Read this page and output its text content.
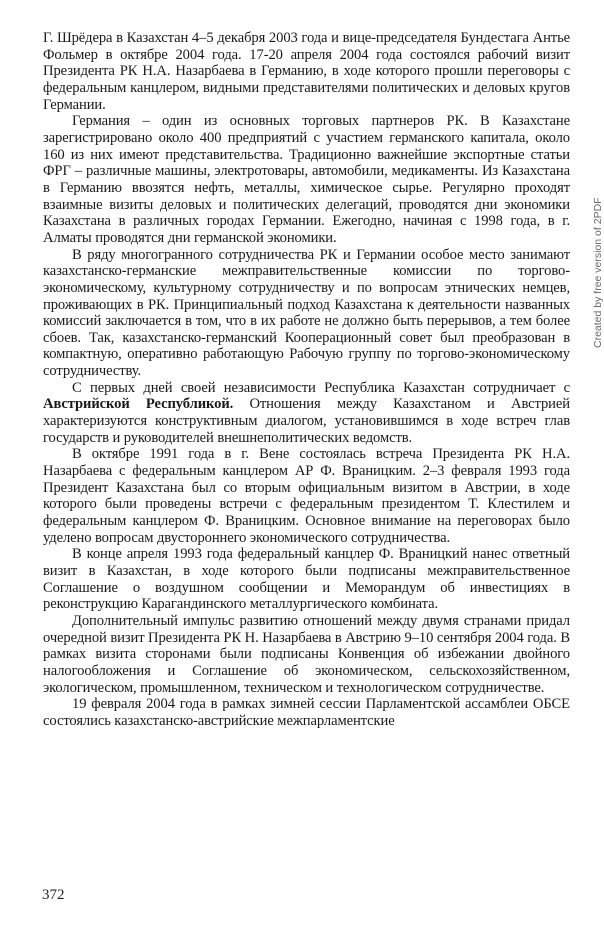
Г. Шрёдера в Казахстан 4–5 декабря 2003 года и вице-председателя Бундестага Антье Фольмер в октябре 2004 года. 17-20 апреля 2004 года состоялся рабочий визит Президента РК Н.А. Назарбаева в Германию, в ходе которого прошли переговоры с федеральным канцлером, видными представителями политических и деловых кругов Германии.

Германия – один из основных торговых партнеров РК. В Казахстане зарегистрировано около 400 предприятий с участием германского капитала, около 160 из них имеют представительства. Традиционно важнейшие экспортные статьи ФРГ – различные машины, электротовары, автомобили, медикаменты. Из Казахстана в Германию ввозятся нефть, металлы, химическое сырье. Регулярно проходят взаимные визиты деловых и политических делегаций, проводятся дни экономики Казахстана в различных городах Германии. Ежегодно, начиная с 1998 года, в г. Алматы проводятся дни германской экономики.

В ряду многогранного сотрудничества РК и Германии особое место занимают казахстанско-германские межправительственные комиссии по торгово-экономическому, культурному сотрудничеству и по вопросам этнических немцев, проживающих в РК. Принципиальный подход Казахстана к деятельности названных комиссий заключается в том, что в их работе не должно быть перерывов, а тем более сбоев. Так, казахстанско-германский Кооперационный совет был преобразован в компактную, оперативно работающую Рабочую группу по торгово-экономическому сотрудничеству.

С первых дней своей независимости Республика Казахстан сотрудничает с Австрийской Республикой. Отношения между Казахстаном и Австрией характеризуются конструктивным диалогом, установившимся в ходе встреч глав государств и руководителей внешнеполитических ведомств.

В октябре 1991 года в г. Вене состоялась встреча Президента РК Н.А. Назарбаева с федеральным канцлером АР Ф. Враницким. 2–3 февраля 1993 года Президент Казахстана был со вторым официальным визитом в Австрии, в ходе которого были проведены встречи с федеральным президентом Т. Клестилем и федеральным канцлером Ф. Враницким. Основное внимание на переговорах было уделено вопросам двустороннего экономического сотрудничества.

В конце апреля 1993 года федеральный канцлер Ф. Враницкий нанес ответный визит в Казахстан, в ходе которого были подписаны межправительственное Соглашение о воздушном сообщении и Меморандум об инвестициях в реконструкцию Карагандинского металлургического комбината.

Дополнительный импульс развитию отношений между двумя странами придал очередной визит Президента РК Н. Назарбаева в Австрию 9–10 сентября 2004 года. В рамках визита сторонами были подписаны Конвенция об избежании двойного налогообложения и Соглашение об экономическом, сельскохозяйственном, экологическом, промышленном, техническом и технологическом сотрудничестве.

19 февраля 2004 года в рамках зимней сессии Парламентской ассамблеи ОБСЕ состоялись казахстанско-австрийские межпарламентские

372
Created by free version of 2PDF
